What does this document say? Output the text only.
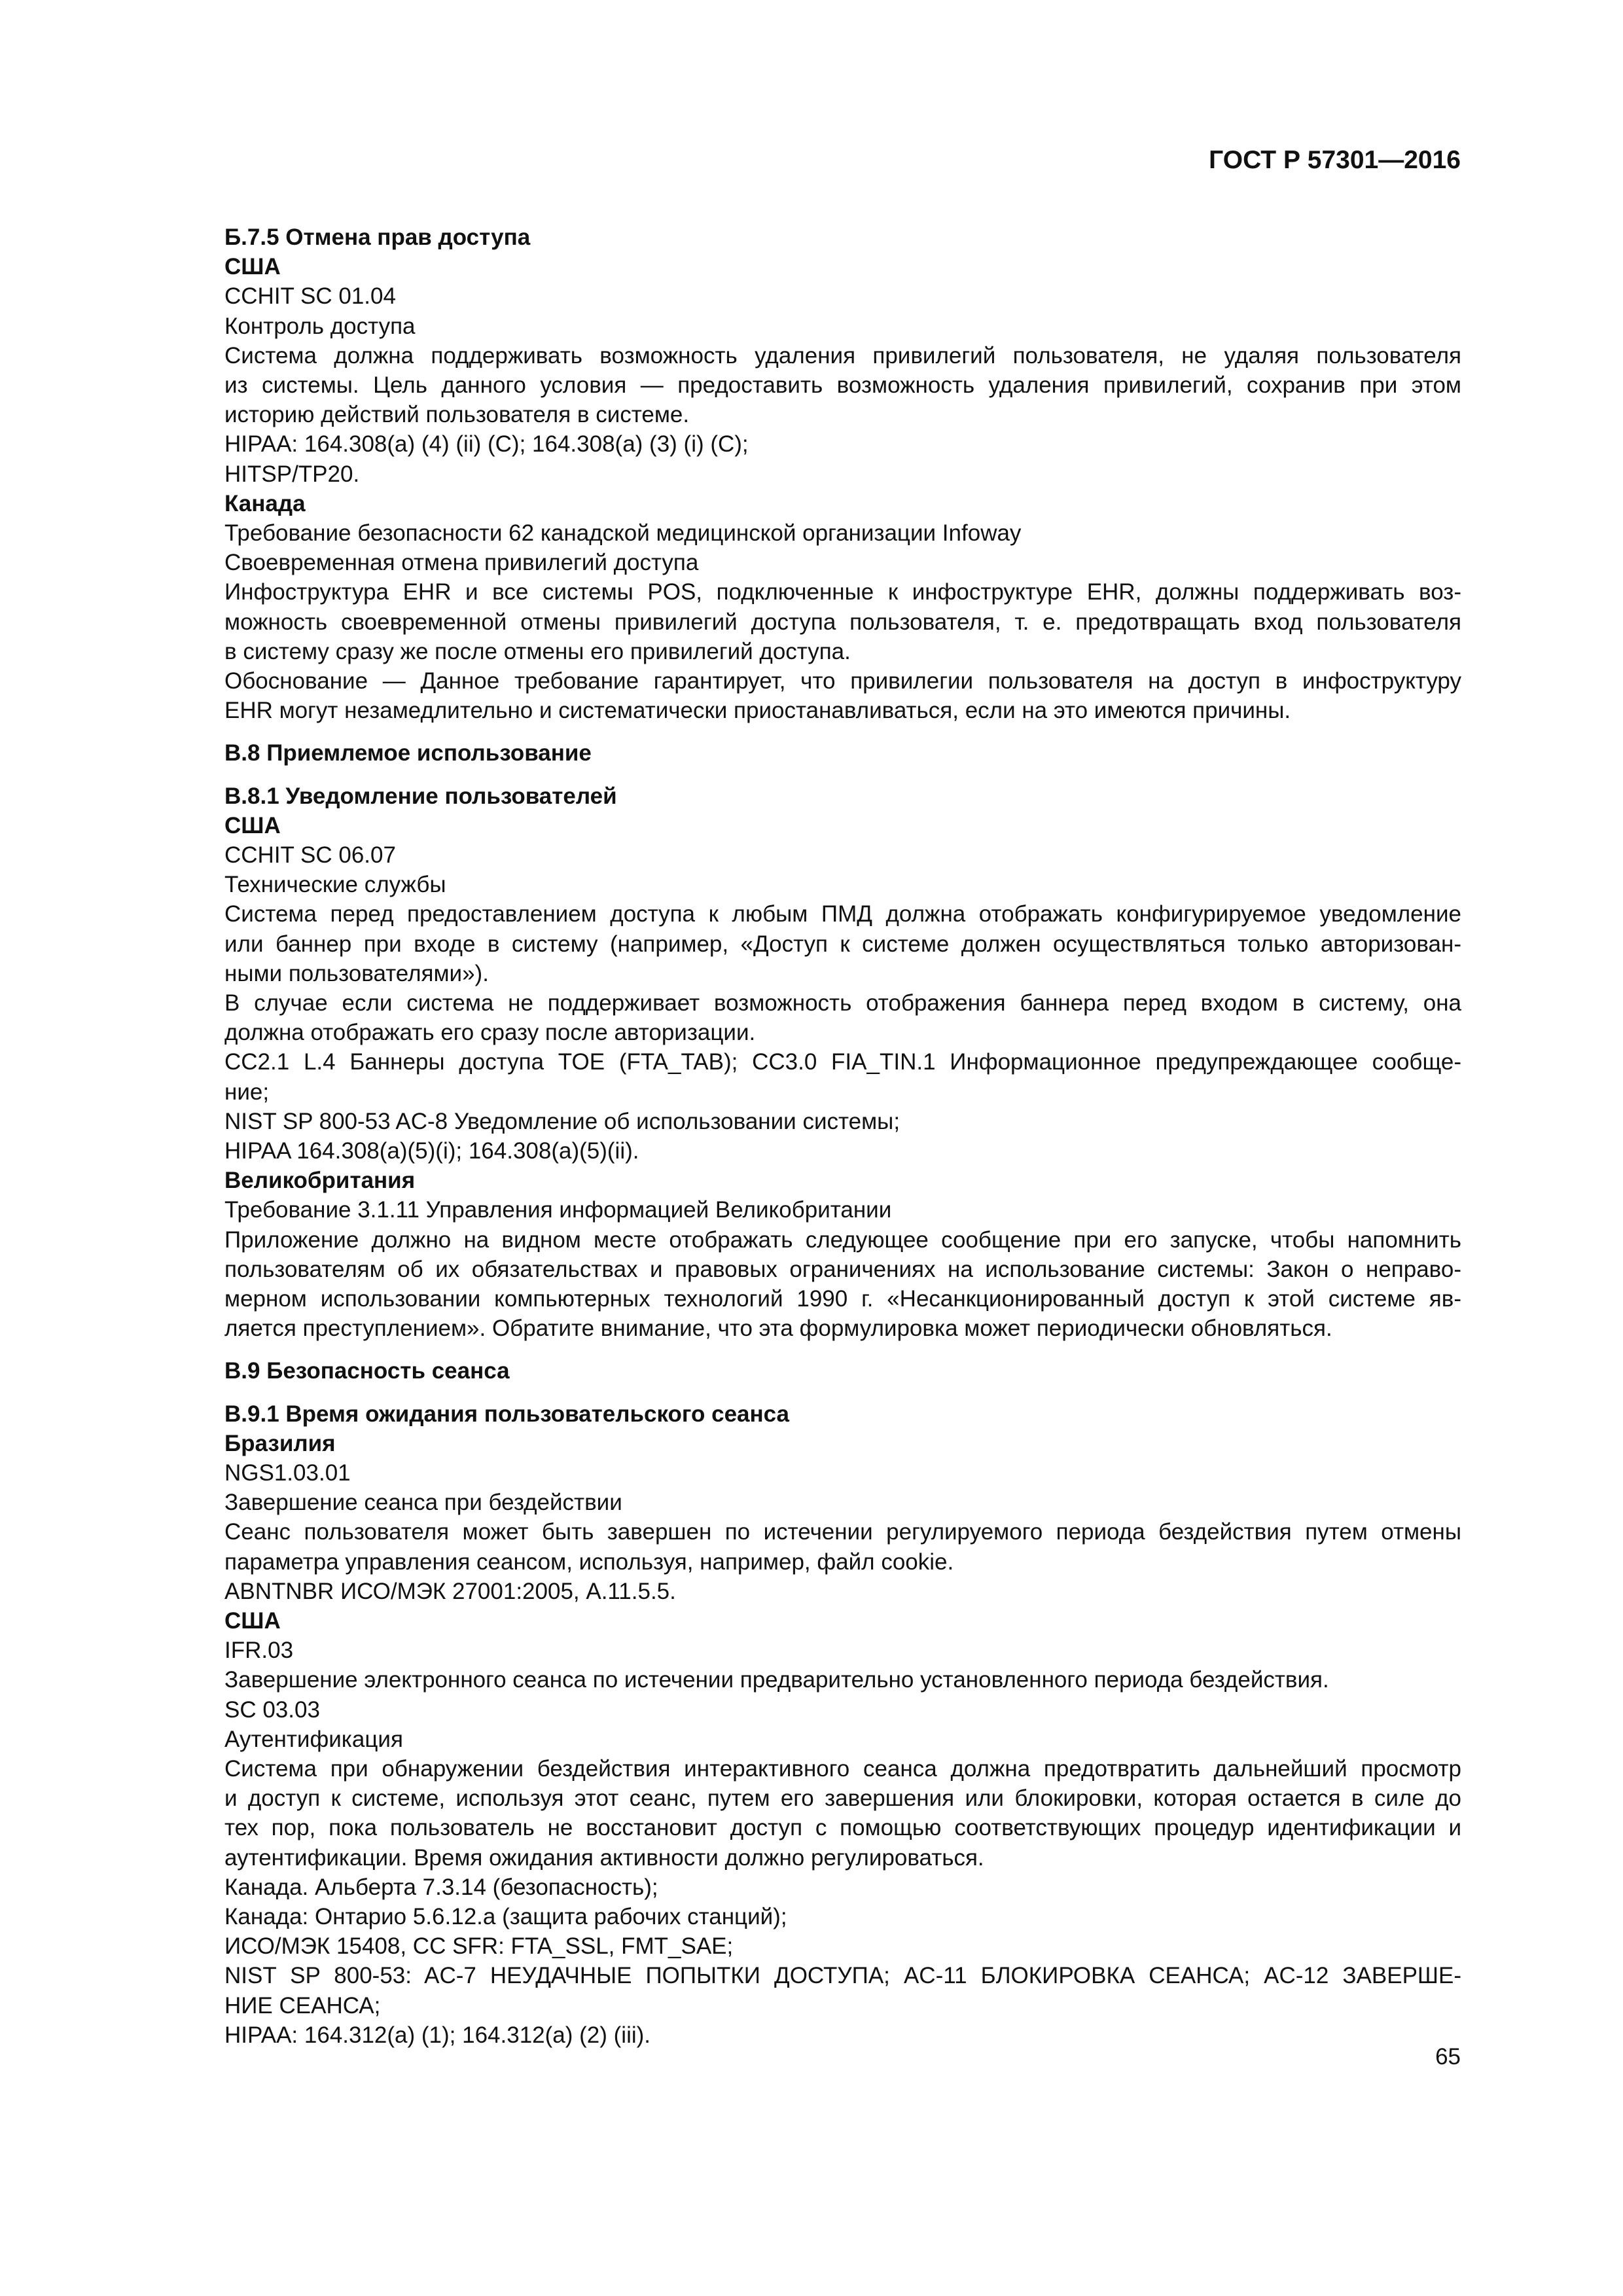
ГОСТ Р 57301—2016

Б.7.5 Отмена прав доступа

США

CCHIT SC 01.04

Контроль доступа

Система должна поддерживать возможность удаления привилегий пользователя, не удаляя пользователя

из системы. Цель данного условия — предоставить возможность удаления привилегий, сохранив при этом

историю действий пользователя в системе.

HIPAA: 164.308(a) (4) (ii) (C); 164.308(a) (3) (i) (C);

HITSP/TP20.

Канада

Требование безопасности 62 канадской медицинской организации Infoway

Своевременная отмена привилегий доступа

Инфоструктура EHR и все системы POS, подключенные к инфоструктуре EHR, должны поддерживать воз-

можность своевременной отмены привилегий доступа пользователя, т. е. предотвращать вход пользователя

в систему сразу же после отмены его привилегий доступа.

Обоснование — Данное требование гарантирует, что привилегии пользователя на доступ в инфоструктуру

EHR могут незамедлительно и систематически приостанавливаться, если на это имеются причины.

В.8 Приемлемое использование

В.8.1 Уведомление пользователей

США

CCHIT SC 06.07

Технические службы

Система перед предоставлением доступа к любым ПМД должна отображать конфигурируемое уведомление

или баннер при входе в систему (например, «Доступ к системе должен осуществляться только авторизован-

ными пользователями»).

В случае если система не поддерживает возможность отображения баннера перед входом в систему, она

должна отображать его сразу после авторизации.

CC2.1 L.4 Баннеры доступа TOE (FTA_TAB); CC3.0 FIA_TIN.1 Информационное предупреждающее сообще-

ние;

NIST SP 800-53 AC-8 Уведомление об использовании системы;

HIPAA 164.308(a)(5)(i); 164.308(a)(5)(ii).

Великобритания

Требование 3.1.11 Управления информацией Великобритании

Приложение должно на видном месте отображать следующее сообщение при его запуске, чтобы напомнить

пользователям об их обязательствах и правовых ограничениях на использование системы: Закон о неправо-

мерном использовании компьютерных технологий 1990 г. «Несанкционированный доступ к этой системе яв-

ляется преступлением». Обратите внимание, что эта формулировка может периодически обновляться.

В.9 Безопасность сеанса

В.9.1 Время ожидания пользовательского сеанса

Бразилия

NGS1.03.01

Завершение сеанса при бездействии

Сеанс пользователя может быть завершен по истечении регулируемого периода бездействия путем отмены

параметра управления сеансом, используя, например, файл cookie.

ABNTNBR ИСО/МЭК 27001:2005, A.11.5.5.

США

IFR.03

Завершение электронного сеанса по истечении предварительно установленного периода бездействия.

SC 03.03

Аутентификация

Система при обнаружении бездействия интерактивного сеанса должна предотвратить дальнейший просмотр

и доступ к системе, используя этот сеанс, путем его завершения или блокировки, которая остается в силе до

тех пор, пока пользователь не восстановит доступ с помощью соответствующих процедур идентификации и

аутентификации. Время ожидания активности должно регулироваться.

Канада. Альберта 7.3.14 (безопасность);

Канада: Онтарио 5.6.12.а (защита рабочих станций);

ИСО/МЭК 15408, CC SFR: FTA_SSL, FMT_SAE;

NIST SP 800-53: AC-7 НЕУДАЧНЫЕ ПОПЫТКИ ДОСТУПА; AC-11 БЛОКИРОВКА СЕАНСА; AC-12 ЗАВЕРШЕ-

НИЕ СЕАНСА;

HIPAA: 164.312(a) (1); 164.312(a) (2) (iii).

65
